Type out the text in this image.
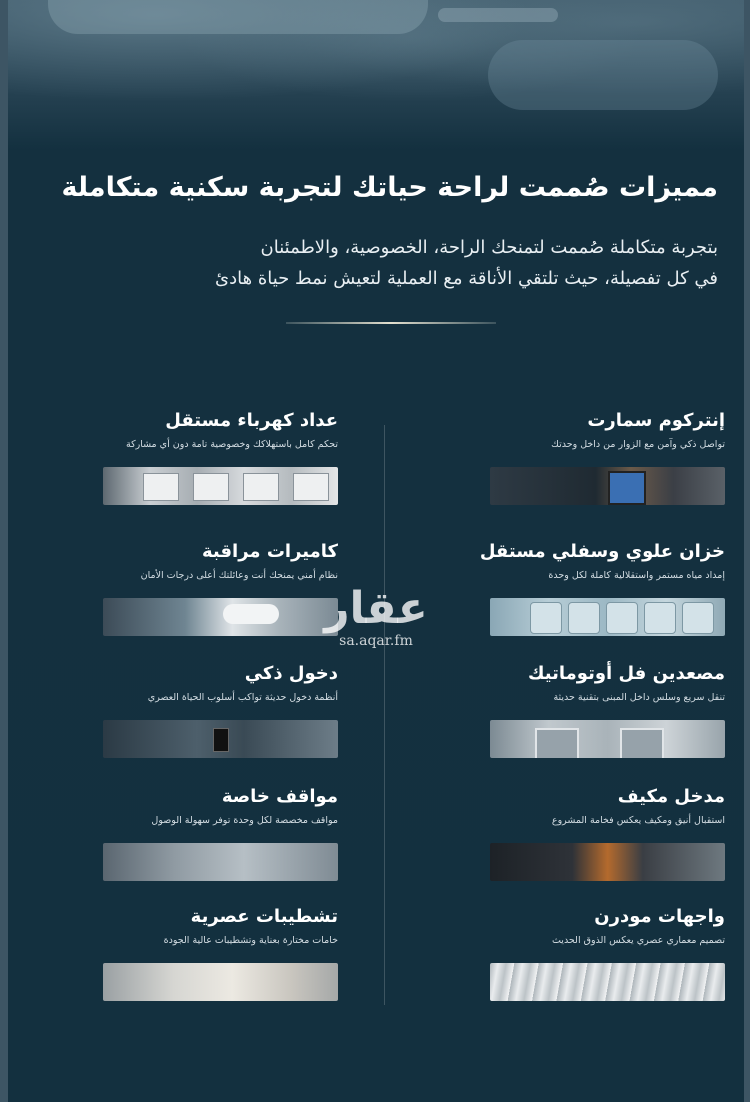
مميزات صُممت لراحة حياتك لتجربة سكنية متكاملة
بتجربة متكاملة صُممت لتمنحك الراحة، الخصوصية، والاطمئنان
في كل تفصيلة، حيث تلتقي الأناقة مع العملية لتعيش نمط حياة هادئ
إنتركوم سمارت
تواصل ذكي وآمن مع الزوار من داخل وحدتك
عداد كهرباء مستقل
تحكم كامل باستهلاكك وخصوصية تامة دون أي مشاركة
خزان علوي وسفلي مستقل
إمداد مياه مستمر واستقلالية كاملة لكل وحدة
كاميرات مراقبة
نظام أمني يمنحك أنت وعائلتك أعلى درجات الأمان
مصعدين فل أوتوماتيك
تنقل سريع وسلس داخل المبنى بتقنية حديثة
دخول ذكي
أنظمة دخول حديثة تواكب أسلوب الحياة العصري
مدخل مكيف
استقبال أنيق ومكيف يعكس فخامة المشروع
مواقف خاصة
مواقف مخصصة لكل وحدة توفر سهولة الوصول
واجهات مودرن
تصميم معماري عصري يعكس الذوق الحديث
تشطيبات عصرية
خامات مختارة بعناية وتشطيبات عالية الجودة
عقار
sa.aqar.fm
